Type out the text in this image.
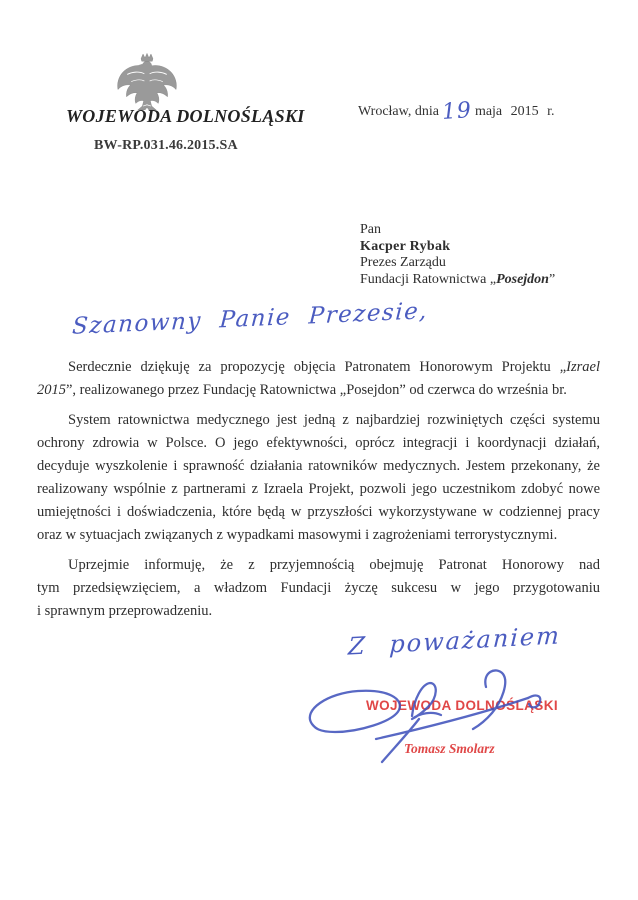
WOJEWODA DOLNOŚLĄSKI
BW-RP.031.46.2015.SA
Wrocław, dnia 19 maja 2015 r.
Pan
Kacper Rybak
Prezes Zarządu
Fundacji Ratownictwa „Posejdon”
Szanowny Panie Prezesie,
Serdecznie dziękuję za propozycję objęcia Patronatem Honorowym Projektu „Izrael
2015”, realizowanego przez Fundację Ratownictwa „Posejdon” od czerwca do września br.
System ratownictwa medycznego jest jedną z najbardziej rozwiniętych części systemu
ochrony zdrowia w Polsce. O jego efektywności, oprócz integracji i koordynacji działań,
decyduje wyszkolenie i sprawność działania ratowników medycznych. Jestem przekonany, że
realizowany wspólnie z partnerami z Izraela Projekt, pozwoli jego uczestnikom zdobyć nowe
umiejętności i doświadczenia, które będą w przyszłości wykorzystywane w codziennej pracy
oraz w sytuacjach związanych z wypadkami masowymi i zagrożeniami terrorystycznymi.
Uprzejmie informuję, że z przyjemnością obejmuję Patronat Honorowy nad
tym przedsięwzięciem, a władzom Fundacji życzę sukcesu w jego przygotowaniu
i sprawnym przeprowadzeniu.
Z poważaniem
WOJEWODA DOLNOŚLĄSKI
Tomasz Smolarz
